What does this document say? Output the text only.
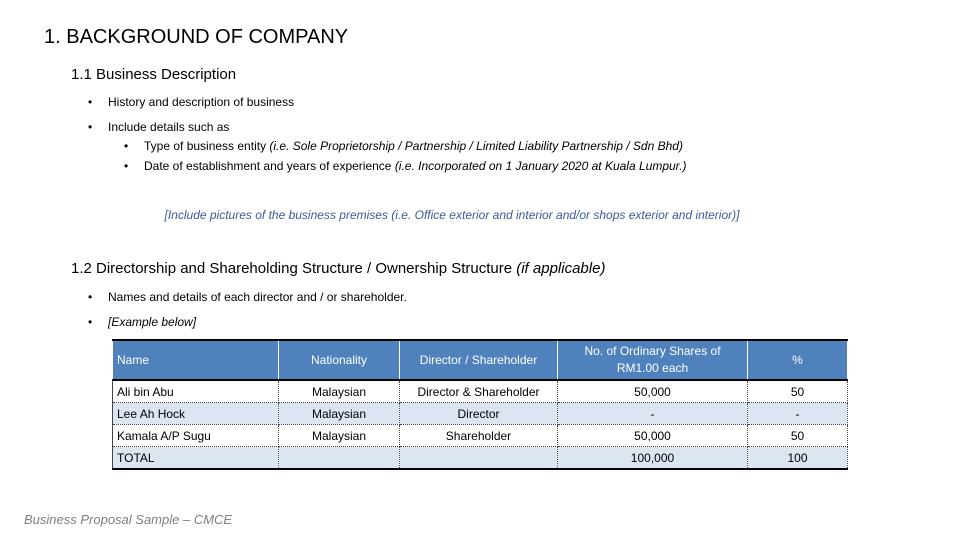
1. BACKGROUND OF COMPANY
1.1 Business Description
• History and description of business
• Include details such as
• Type of business entity (i.e. Sole Proprietorship / Partnership / Limited Liability Partnership / Sdn Bhd)
• Date of establishment and years of experience (i.e. Incorporated on 1 January 2020 at Kuala Lumpur.)
[Include pictures of the business premises (i.e. Office exterior and interior and/or shops exterior and interior)]
1.2 Directorship and Shareholding Structure / Ownership Structure (if applicable)
• Names and details of each director and / or shareholder.
• [Example below]
Name	Nationality	Director / Shareholder	No. of Ordinary Shares of RM1.00 each	%
Ali bin Abu	Malaysian	Director & Shareholder	50,000	50
Lee Ah Hock	Malaysian	Director	-	-
Kamala A/P Sugu	Malaysian	Shareholder	50,000	50
TOTAL			100,000	100
Business Proposal Sample – CMCE
